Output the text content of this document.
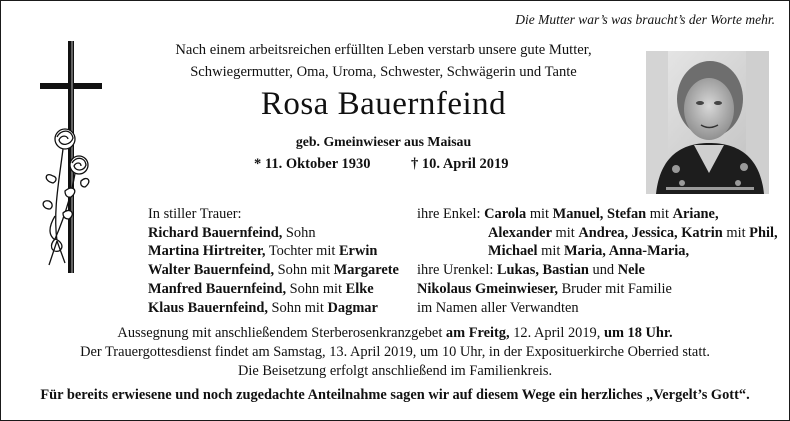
Die Mutter war’s was braucht’s der Worte mehr.
Nach einem arbeitsreichen erfüllten Leben verstarb unsere gute Mutter,
Schwiegermutter, Oma, Uroma, Schwester, Schwägerin und Tante
Rosa Bauernfeind
geb. Gmeinwieser aus Maisau
* 11. Oktober 1930	† 10. April 2019
In stiller Trauer:
Richard Bauernfeind, Sohn
Martina Hirtreiter, Tochter mit Erwin
Walter Bauernfeind, Sohn mit Margarete
Manfred Bauernfeind, Sohn mit Elke
Klaus Bauernfeind, Sohn mit Dagmar
ihre Enkel: Carola mit Manuel, Stefan mit Ariane,
Alexander mit Andrea, Jessica, Katrin mit Phil,
Michael mit Maria, Anna-Maria,
ihre Urenkel: Lukas, Bastian und Nele
Nikolaus Gmeinwieser, Bruder mit Familie
im Namen aller Verwandten
Aussegnung mit anschließendem Sterberosenkranzgebet am Freitg, 12. April 2019, um 18 Uhr.
Der Trauergottesdienst findet am Samstag, 13. April 2019, um 10 Uhr, in der Exposituerkirche Oberried statt.
Die Beisetzung erfolgt anschließend im Familienkreis.
Für bereits erwiesene und noch zugedachte Anteilnahme sagen wir auf diesem Wege ein herzliches „Vergelt’s Gott“.
